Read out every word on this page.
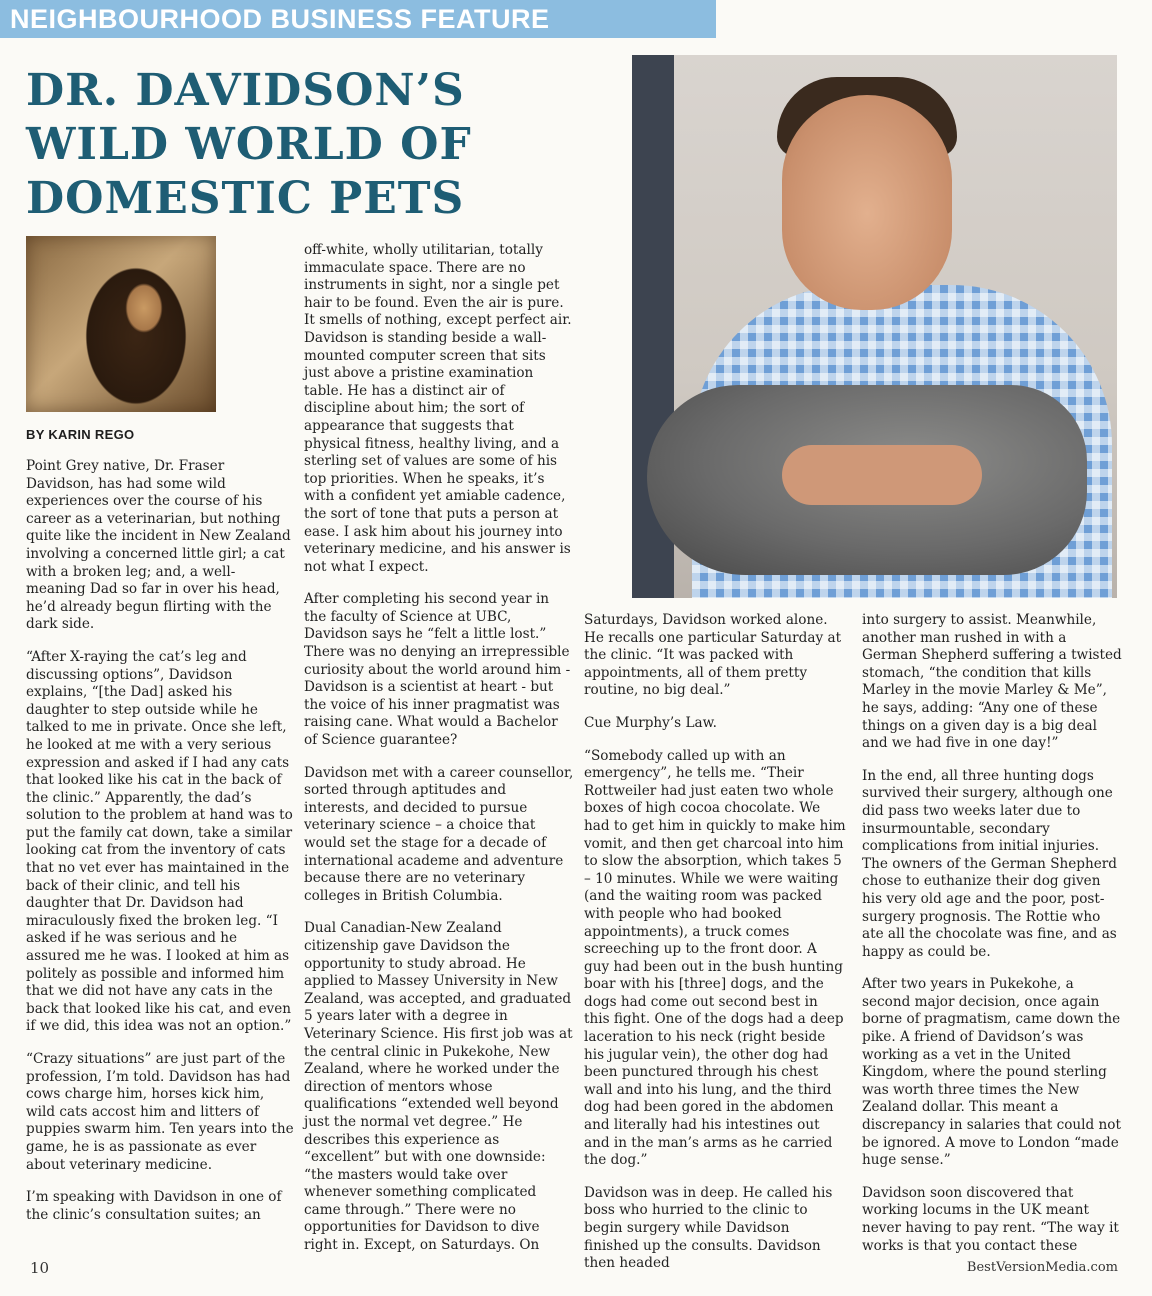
NEIGHBOURHOOD BUSINESS FEATURE
DR. DAVIDSON’S
WILD WORLD OF
DOMESTIC PETS

BY KARIN REGO

Point Grey native, Dr. Fraser Davidson, has had some wild experiences over the course of his career as a veterinarian, but nothing quite like the incident in New Zealand involving a concerned little girl; a cat with a broken leg; and, a well-meaning Dad so far in over his head, he’d already begun flirting with the dark side.

“After X-raying the cat’s leg and discussing options”, Davidson explains, “[the Dad] asked his daughter to step outside while he talked to me in private. Once she left, he looked at me with a very serious expression and asked if I had any cats that looked like his cat in the back of the clinic.” Apparently, the dad’s solution to the problem at hand was to put the family cat down, take a similar looking cat from the inventory of cats that no vet ever has maintained in the back of their clinic, and tell his daughter that Dr. Davidson had miraculously fixed the broken leg. “I asked if he was serious and he assured me he was. I looked at him as politely as possible and informed him that we did not have any cats in the back that looked like his cat, and even if we did, this idea was not an option.”

“Crazy situations” are just part of the profession, I’m told. Davidson has had cows charge him, horses kick him, wild cats accost him and litters of puppies swarm him. Ten years into the game, he is as passionate as ever about veterinary medicine.

I’m speaking with Davidson in one of the clinic’s consultation suites; an

off-white, wholly utilitarian, totally immaculate space. There are no instruments in sight, nor a single pet hair to be found. Even the air is pure. It smells of nothing, except perfect air. Davidson is standing beside a wall-mounted computer screen that sits just above a pristine examination table. He has a distinct air of discipline about him; the sort of appearance that suggests that physical fitness, healthy living, and a sterling set of values are some of his top priorities. When he speaks, it’s with a confident yet amiable cadence, the sort of tone that puts a person at ease. I ask him about his journey into veterinary medicine, and his answer is not what I expect.

After completing his second year in the faculty of Science at UBC, Davidson says he “felt a little lost.” There was no denying an irrepressible curiosity about the world around him - Davidson is a scientist at heart - but the voice of his inner pragmatist was raising cane. What would a Bachelor of Science guarantee?

Davidson met with a career counsellor, sorted through aptitudes and interests, and decided to pursue veterinary science – a choice that would set the stage for a decade of international academe and adventure because there are no veterinary colleges in British Columbia.

Dual Canadian-New Zealand citizenship gave Davidson the opportunity to study abroad. He applied to Massey University in New Zealand, was accepted, and graduated 5 years later with a degree in Veterinary Science. His first job was at the central clinic in Pukekohe, New Zealand, where he worked under the direction of mentors whose qualifications “extended well beyond just the normal vet degree.” He describes this experience as “excellent” but with one downside: “the masters would take over whenever something complicated came through.” There were no opportunities for Davidson to dive right in. Except, on Saturdays. On

Saturdays, Davidson worked alone. He recalls one particular Saturday at the clinic. “It was packed with appointments, all of them pretty routine, no big deal.”

Cue Murphy’s Law.

“Somebody called up with an emergency”, he tells me. “Their Rottweiler had just eaten two whole boxes of high cocoa chocolate. We had to get him in quickly to make him vomit, and then get charcoal into him to slow the absorption, which takes 5 – 10 minutes. While we were waiting (and the waiting room was packed with people who had booked appointments), a truck comes screeching up to the front door. A guy had been out in the bush hunting boar with his [three] dogs, and the dogs had come out second best in this fight. One of the dogs had a deep laceration to his neck (right beside his jugular vein), the other dog had been punctured through his chest wall and into his lung, and the third dog had been gored in the abdomen and literally had his intestines out and in the man’s arms as he carried the dog.”

Davidson was in deep. He called his boss who hurried to the clinic to begin surgery while Davidson finished up the consults. Davidson then headed

into surgery to assist. Meanwhile, another man rushed in with a German Shepherd suffering a twisted stomach, “the condition that kills Marley in the movie Marley & Me”, he says, adding: “Any one of these things on a given day is a big deal and we had five in one day!”

In the end, all three hunting dogs survived their surgery, although one did pass two weeks later due to insurmountable, secondary complications from initial injuries. The owners of the German Shepherd chose to euthanize their dog given his very old age and the poor, post-surgery prognosis. The Rottie who ate all the chocolate was fine, and as happy as could be.

After two years in Pukekohe, a second major decision, once again borne of pragmatism, came down the pike. A friend of Davidson’s was working as a vet in the United Kingdom, where the pound sterling was worth three times the New Zealand dollar. This meant a discrepancy in salaries that could not be ignored. A move to London “made huge sense.”

Davidson soon discovered that working locums in the UK meant never having to pay rent. “The way it works is that you contact these

10	BestVersionMedia.com
